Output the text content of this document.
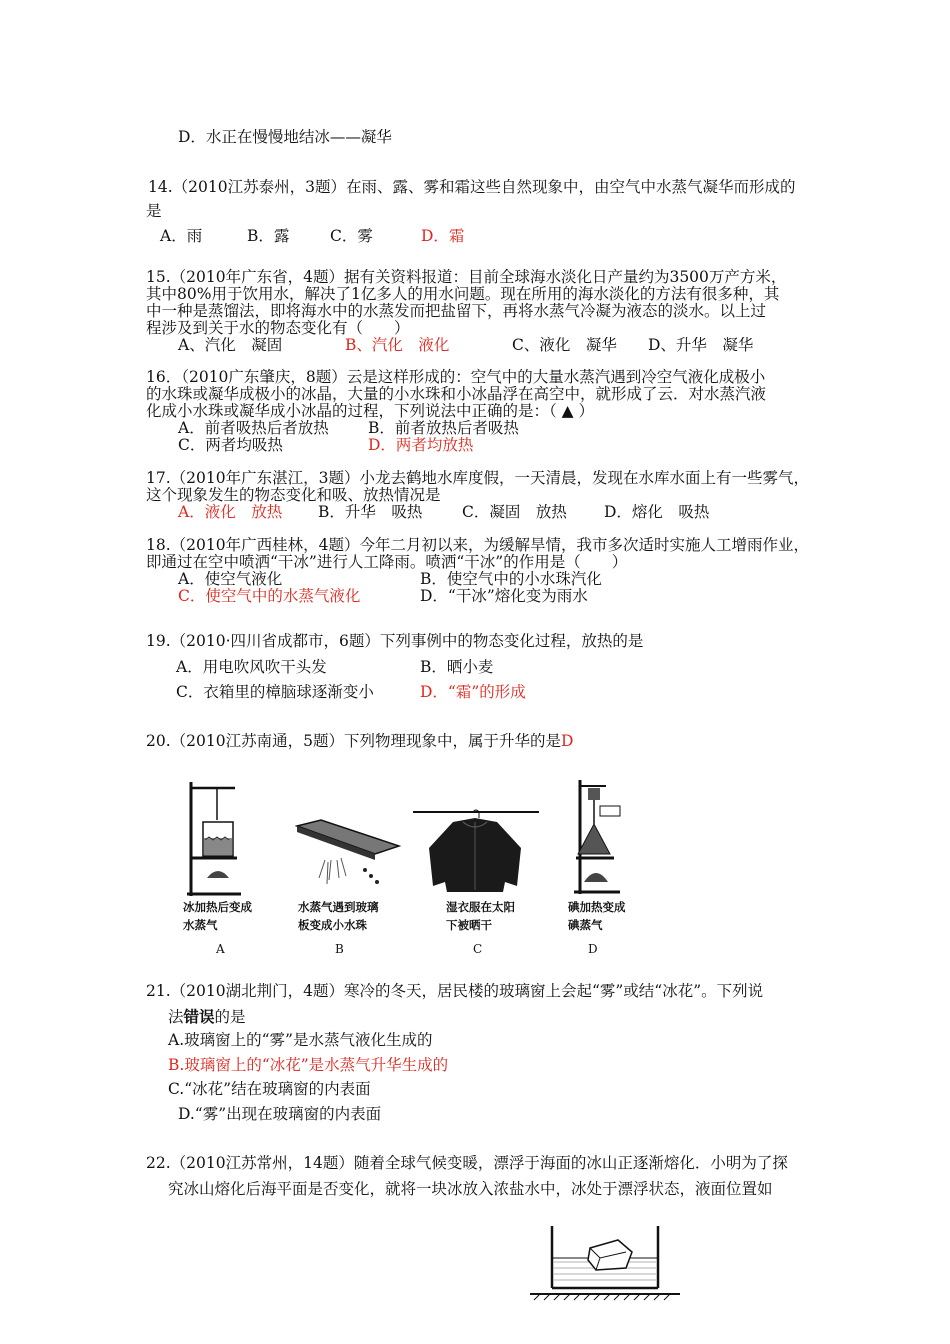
D．水正在慢慢地结冰——凝华
14.（2010江苏泰州，3题）在雨、露、雾和霜这些自然现象中，由空气中水蒸气凝华而形成的
是
A．雨	B．露	C．雾	D．霜
15.（2010年广东省，4题）据有关资料报道：目前全球海水淡化日产量约为3500万产方米，
其中80%用于饮用水，解决了1亿多人的用水问题。现在所用的海水淡化的方法有很多种，其
中一种是蒸馏法，即将海水中的水蒸发而把盐留下，再将水蒸气冷凝为液态的淡水。以上过
程涉及到关于水的物态变化有（　　）
A、汽化　凝固	B、汽化　液化	C、液化　凝华 D、升华　凝华
16．（2010广东肇庆，8题）云是这样形成的：空气中的大量水蒸汽遇到冷空气液化成极小
的水珠或凝华成极小的冰晶，大量的小水珠和小冰晶浮在高空中，就形成了云．对水蒸汽液
化成小水珠或凝华成小冰晶的过程，下列说法中正确的是：（ ▲ ）
A．前者吸热后者放热	B．前者放热后者吸热
C．两者均吸热	D．两者均放热
17.（2010年广东湛江，3题）小龙去鹤地水库度假，一天清晨，发现在水库水面上有一些雾气，
这个现象发生的物态变化和吸、放热情况是
A．液化　放热 B．升华　吸热	C．凝固　放热 D．熔化　吸热
18.（2010年广西桂林，4题）今年二月初以来，为缓解旱情，我市多次适时实施人工增雨作业，
即通过在空中喷洒“干冰”进行人工降雨。喷洒“干冰”的作用是（　　）
A．使空气液化	B．使空气中的小水珠汽化
C．使空气中的水蒸气液化	D．“干冰”熔化变为雨水
19.（2010·四川省成都市，6题）下列事例中的物态变化过程，放热的是
A．用电吹风吹干头发	B．晒小麦
C．衣箱里的樟脑球逐渐变小	D．“霜”的形成
20.（2010江苏南通，5题）下列物理现象中，属于升华的是D
冰加热后变成
水蒸气
A
水蒸气遇到玻璃
板变成小水珠
B
湿衣服在太阳
下被晒干
C
碘加热变成
碘蒸气
D
21.（2010湖北荆门，4题）寒冷的冬天，居民楼的玻璃窗上会起“雾”或结“冰花”。下列说
法错误的是
A.玻璃窗上的“雾”是水蒸气液化生成的
B.玻璃窗上的“冰花”是水蒸气升华生成的
C.“冰花”结在玻璃窗的内表面
D.“雾”出现在玻璃窗的内表面
22.（2010江苏常州，14题）随着全球气候变暖，漂浮于海面的冰山正逐渐熔化．小明为了探
究冰山熔化后海平面是否变化，就将一块冰放入浓盐水中，冰处于漂浮状态，液面位置如
